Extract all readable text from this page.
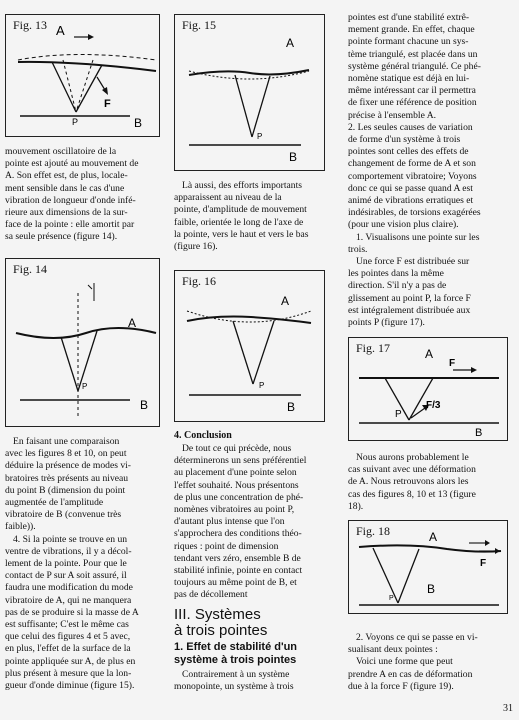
Fig. 13 A
F
P	B

mouvement oscillatoire de la
pointe est ajouté au mouvement de
A. Son effet est, de plus, locale-
ment sensible dans le cas d'une
vibration de longueur d'onde infé-
rieure aux dimensions de la sur-
face de la pointe : elle amortit par
sa seule présence (figure 14).

Fig. 14
A
P
B

En faisant une comparaison
avec les figures 8 et 10, on peut
déduire la présence de modes vi-
bratoires très présents au niveau
du point B (dimension du point
augmentée de l'amplitude
vibratoire de B (convenue très
faible)).
4. Si la pointe se trouve en un
ventre de vibrations, il y a décol-
lement de la pointe. Pour que le
contact de P sur A soit assuré, il
faudra une modification du mode
vibratoire de A, qui ne manquera
pas de se produire si la masse de A
est suffisante; C'est le même cas
que celui des figures 4 et 5 avec,
en plus, l'effet de la surface de la
pointe appliquée sur A, de plus en
plus présent à mesure que la lon-
gueur d'onde diminue (figure 15).

Fig. 15
A
P
B

Là aussi, des efforts importants
apparaissent au niveau de la
pointe, d'amplitude de mouvement
faible, orientée le long de l'axe de
la pointe, vers le haut et vers le bas
(figure 16).

Fig. 16
A
P
B
4. Conclusion

De tout ce qui précède, nous
déterminerons un sens préférentiel
au placement d'une pointe selon
l'effet souhaité. Nous présentons
de plus une concentration de phé-
nomènes vibratoires au point P,
d'autant plus intense que l'on
s'approchera des conditions théo-
riques : point de dimension
tendant vers zéro, ensemble B de
stabilité infinie, pointe en contact
toujours au même point de B, et
pas de décollement

III. Systèmes
à trois pointes
1. Effet de stabilité d'un
système à trois pointes

Contrairement à un système
monopointe, un système à trois

pointes est d'une stabilité extrê-
mement grande. En effet, chaque
pointe formant chacune un sys-
tème triangulé, est placée dans un
système général triangulé. Ce phé-
nomène statique est déjà en lui-
même intéressant car il permettra
de fixer une référence de position
précise à l'ensemble A.
2. Les seules causes de variation
de forme d'un système à trois
pointes sont celles des effets de
changement de forme de A et son
comportement vibratoire; Voyons
donc ce qui se passe quand A est
animé de vibrations erratiques et
indésirables, de torsions exagérées
(pour une vision plus claire).
1. Visualisons une pointe sur les
trois.
Une force F est distribuée sur
les pointes dans la même
direction. S'il n'y a pas de
glissement au point P, la force F
est intégralement distribuée aux
points P (figure 17).

Fig. 17	A
F
F/3
P
B

Nous aurons probablement le
cas suivant avec une déformation
de A. Nous retrouvons alors les
cas des figures 8, 10 et 13 (figure
18).

Fig. 18	A
F
P
B

2. Voyons ce qui se passe en vi-
sualisant deux pointes :
Voici une forme que peut
prendre A en cas de déformation
due à la force F (figure 19).

31
